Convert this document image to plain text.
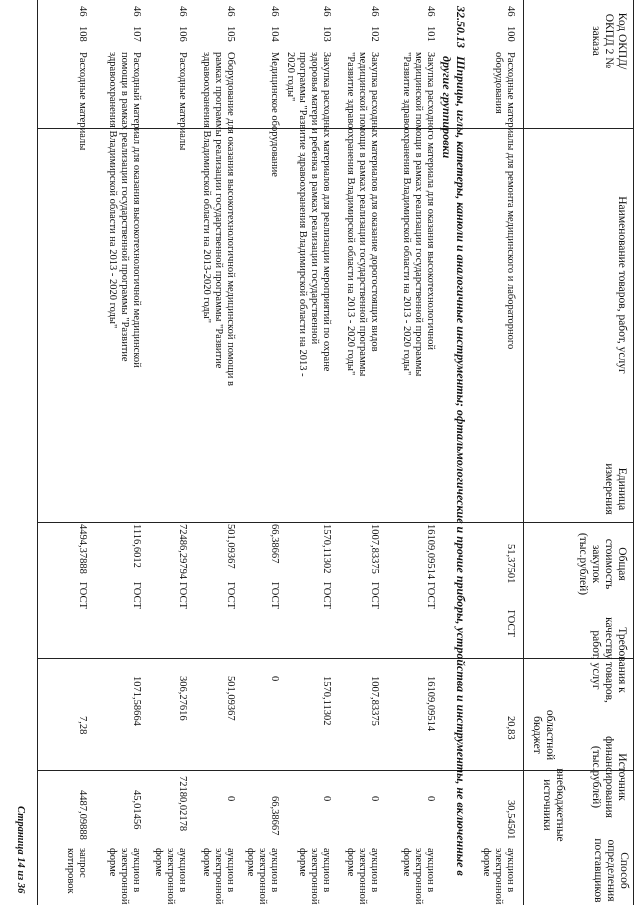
Код ОКПД/ ОКПД 2 № заказа
Наименование товаров, работ, услуг
Единица измерения
Общая стоимость закупок (тыс.рублей)
Требования к качеству товаров, работ, услуг
Источник финансирования (тыс.рублей)
областной бюджет
внебюджетные источники
Способ определения поставщиков
46
100
Расходные материалы для ремонта медицинского и лабораторного оборудования
51,37501
ГОСТ
20,83
30,54501
аукцион в электронной форме
32.50.13
Шприцы, иглы, катетеры, канюли и аналогичные инструменты; офтальмологические и прочие приборы, устройства и инструменты, не включенные в другие группировки
46
101
Закупка расходного материала для оказания высокотехнологичной медицинской помощи в рамках реализации государственной программы "Развитие здравоохранения Владимирской области на 2013 - 2020 годы"
16109,09514
ГОСТ
16109,09514
0
аукцион в электронной форме
46
102
Закупка расходных материалов для оказание дорогостоящих видов медицинской помощи в рамках реализации государственной программы "Развитие здравоохранения Владимирской области на 2013 - 2020 годы"
1007,83375
ГОСТ
1007,83375
0
аукцион в электронной форме
46
103
Закупка расходных материалов для реализации мероприятий по охране здоровья матери и ребенка в рамках реализации государственной программы "Развитие здравоохранения Владимирской области на 2013 - 2020 годы"
1570,11302
ГОСТ
1570,11302
0
аукцион в электронной форме
46
104
Медицинское оборудование
66,38667
ГОСТ
0
66,38667
аукцион в электронной форме
46
105
Оборудование для оказания высокотехнологичной медицинской помощи в рамках программы реализации государственной программы "Развитие здравоохранения Владимирской области на 2013-2020 годы"
501,09367
ГОСТ
501,09367
0
аукцион в электронной форме
46
106
Расходные материалы
72486,29794
ГОСТ
306,27616
72180,02178
аукцион в электронной форме
46
107
Расходный материал для оказания высокотехнологичной медицинской помощи в рамках реализации государственной программы "Развитие здравоохранения Владимирской области на 2013 - 2020 годы"
1116,6012
ГОСТ
1071,58664
45,01456
аукцион в электронной форме
46
108
Расходные материалы
4494,37888
ГОСТ
7,28
4487,09888
запрос котировок
Страница 14 из 36
